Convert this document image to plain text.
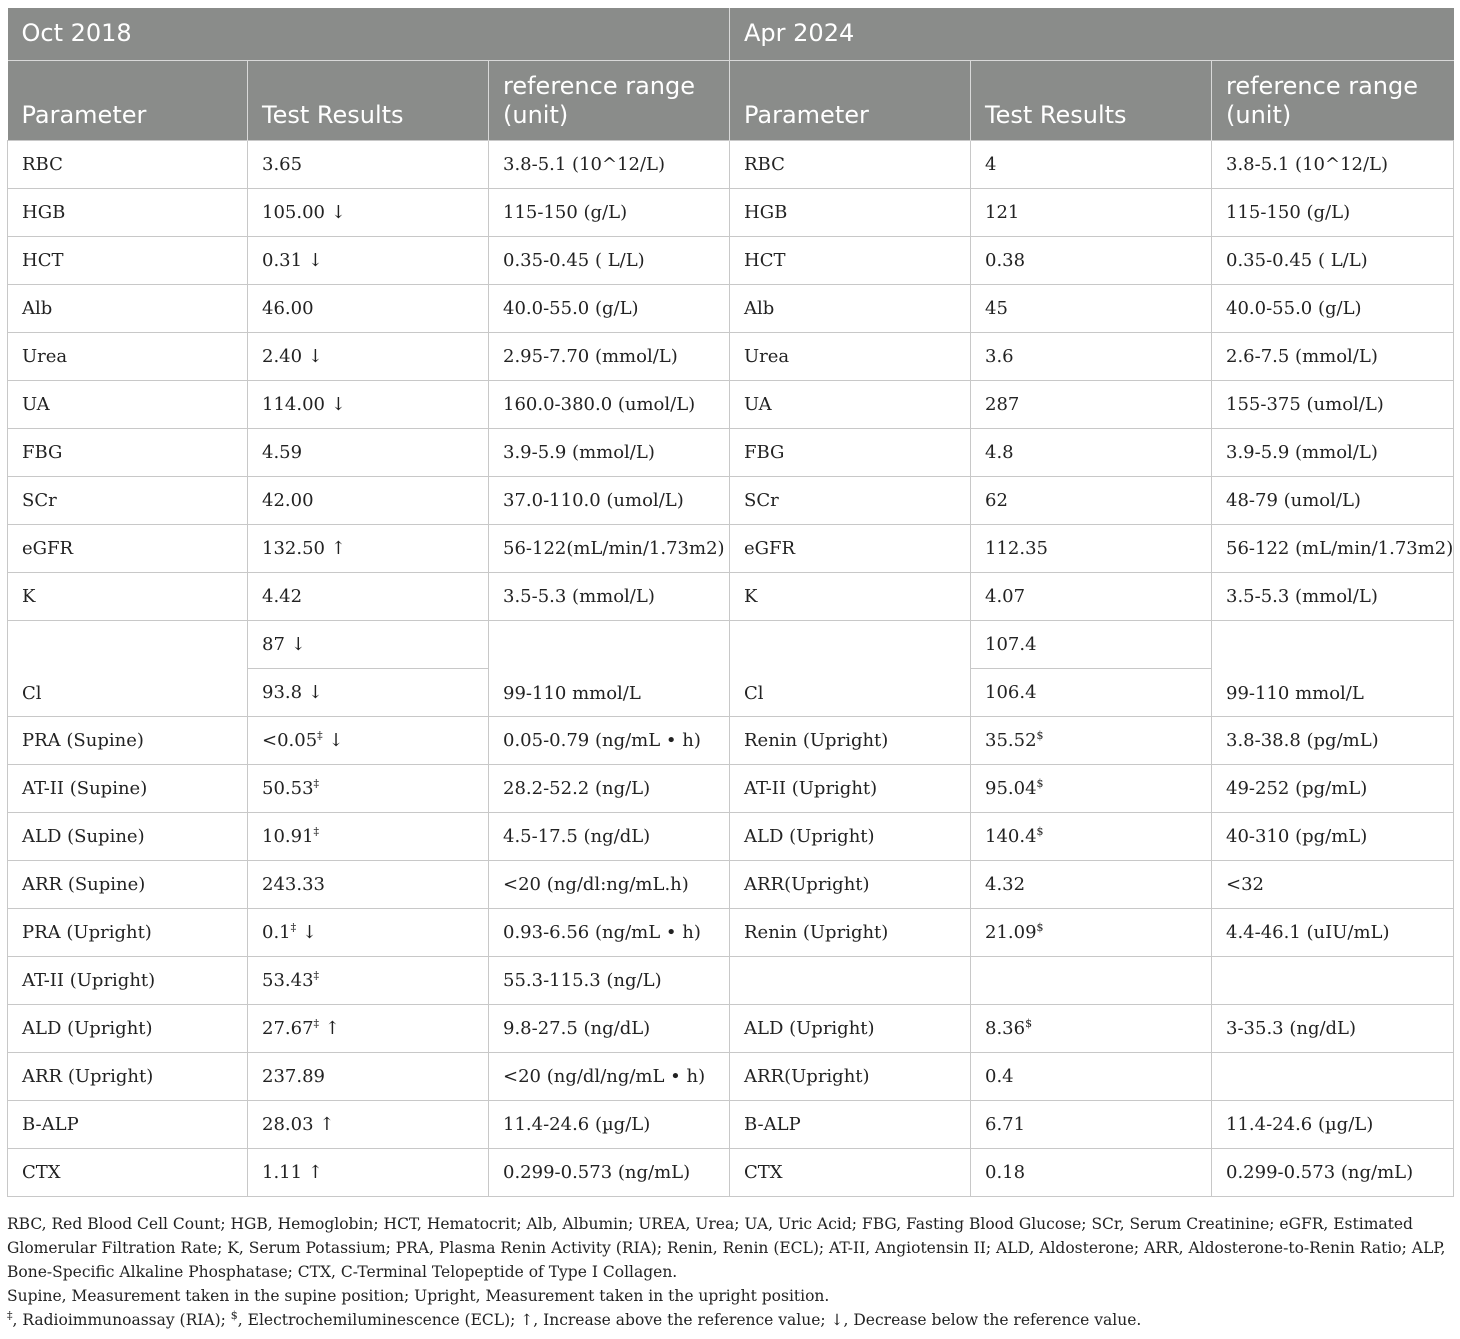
Oct 2018			Apr 2024		
Parameter	Test Results	reference range (unit)	Parameter	Test Results	reference range (unit)
RBC	3.65	3.8-5.1 (10^12/L)	RBC	4	3.8-5.1 (10^12/L)
HGB	105.00 ↓	115-150 (g/L)	HGB	121	115-150 (g/L)
HCT	0.31 ↓	0.35-0.45 ( L/L)	HCT	0.38	0.35-0.45 ( L/L)
Alb	46.00	40.0-55.0 (g/L)	Alb	45	40.0-55.0 (g/L)
Urea	2.40 ↓	2.95-7.70 (mmol/L)	Urea	3.6	2.6-7.5 (mmol/L)
UA	114.00 ↓	160.0-380.0 (umol/L)	UA	287	155-375 (umol/L)
FBG	4.59	3.9-5.9 (mmol/L)	FBG	4.8	3.9-5.9 (mmol/L)
SCr	42.00	37.0-110.0 (umol/L)	SCr	62	48-79 (umol/L)
eGFR	132.50 ↑	56-122(mL/min/1.73m2)	eGFR	112.35	56-122 (mL/min/1.73m2)
K	4.42	3.5-5.3 (mmol/L)	K	4.07	3.5-5.3 (mmol/L)
Cl	87 ↓	99-110 mmol/L	Cl	107.4	99-110 mmol/L
	93.8 ↓			106.4	
PRA (Supine)	<0.05‡ ↓	0.05-0.79 (ng/mL • h)	Renin (Upright)	35.52$	3.8-38.8 (pg/mL)
AT-II (Supine)	50.53‡	28.2-52.2 (ng/L)	AT-II (Upright)	95.04$	49-252 (pg/mL)
ALD (Supine)	10.91‡	4.5-17.5 (ng/dL)	ALD (Upright)	140.4$	40-310 (pg/mL)
ARR (Supine)	243.33	<20 (ng/dl:ng/mL.h)	ARR(Upright)	4.32	<32
PRA (Upright)	0.1‡ ↓	0.93-6.56 (ng/mL • h)	Renin (Upright)	21.09$	4.4-46.1 (uIU/mL)
AT-II (Upright)	53.43‡	55.3-115.3 (ng/L)			
ALD (Upright)	27.67‡ ↑	9.8-27.5 (ng/dL)	ALD (Upright)	8.36$	3-35.3 (ng/dL)
ARR (Upright)	237.89	<20 (ng/dl/ng/mL • h)	ARR(Upright)	0.4	
B-ALP	28.03 ↑	11.4-24.6 (µg/L)	B-ALP	6.71	11.4-24.6 (µg/L)
CTX	1.11 ↑	0.299-0.573 (ng/mL)	CTX	0.18	0.299-0.573 (ng/mL)

RBC, Red Blood Cell Count; HGB, Hemoglobin; HCT, Hematocrit; Alb, Albumin; UREA, Urea; UA, Uric Acid; FBG, Fasting Blood Glucose; SCr, Serum Creatinine; eGFR, Estimated Glomerular Filtration Rate; K, Serum Potassium; PRA, Plasma Renin Activity (RIA); Renin, Renin (ECL); AT-II, Angiotensin II; ALD, Aldosterone; ARR, Aldosterone-to-Renin Ratio; ALP, Bone-Specific Alkaline Phosphatase; CTX, C-Terminal Telopeptide of Type I Collagen.

Supine, Measurement taken in the supine position; Upright, Measurement taken in the upright position.

‡, Radioimmunoassay (RIA); $, Electrochemiluminescence (ECL); ↑, Increase above the reference value; ↓, Decrease below the reference value.
